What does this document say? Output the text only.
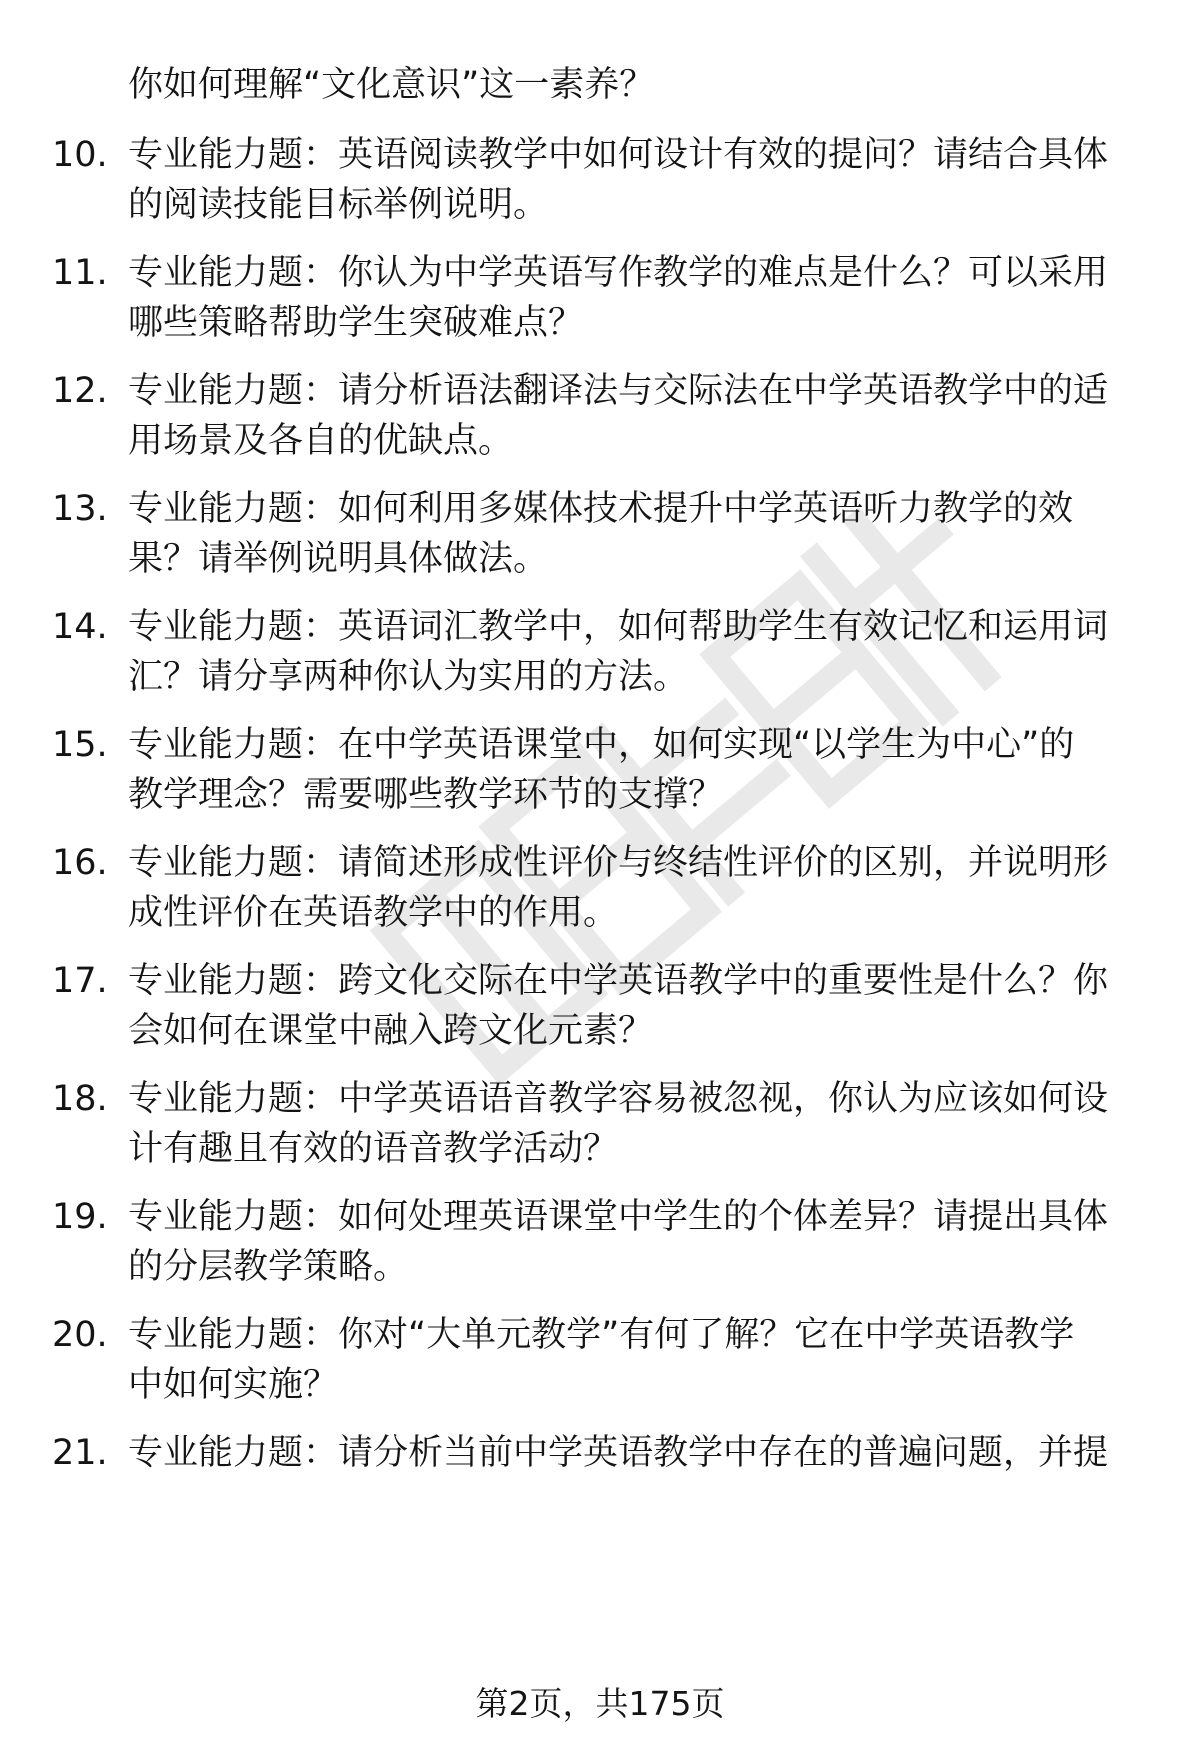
你如何理解“文化意识”这一素养？
10. 专业能力题：英语阅读教学中如何设计有效的提问？请结合具体
的阅读技能目标举例说明。
11. 专业能力题：你认为中学英语写作教学的难点是什么？可以采用
哪些策略帮助学生突破难点？
12. 专业能力题：请分析语法翻译法与交际法在中学英语教学中的适
用场景及各自的优缺点。
13. 专业能力题：如何利用多媒体技术提升中学英语听力教学的效
果？请举例说明具体做法。
14. 专业能力题：英语词汇教学中，如何帮助学生有效记忆和运用词
汇？请分享两种你认为实用的方法。
15. 专业能力题：在中学英语课堂中，如何实现“以学生为中心”的
教学理念？需要哪些教学环节的支撑？
16. 专业能力题：请简述形成性评价与终结性评价的区别，并说明形
成性评价在英语教学中的作用。
17. 专业能力题：跨文化交际在中学英语教学中的重要性是什么？你
会如何在课堂中融入跨文化元素？
18. 专业能力题：中学英语语音教学容易被忽视，你认为应该如何设
计有趣且有效的语音教学活动？
19. 专业能力题：如何处理英语课堂中学生的个体差异？请提出具体
的分层教学策略。
20. 专业能力题：你对“大单元教学”有何了解？它在中学英语教学
中如何实施？
21. 专业能力题：请分析当前中学英语教学中存在的普遍问题，并提
第2页，共175页
